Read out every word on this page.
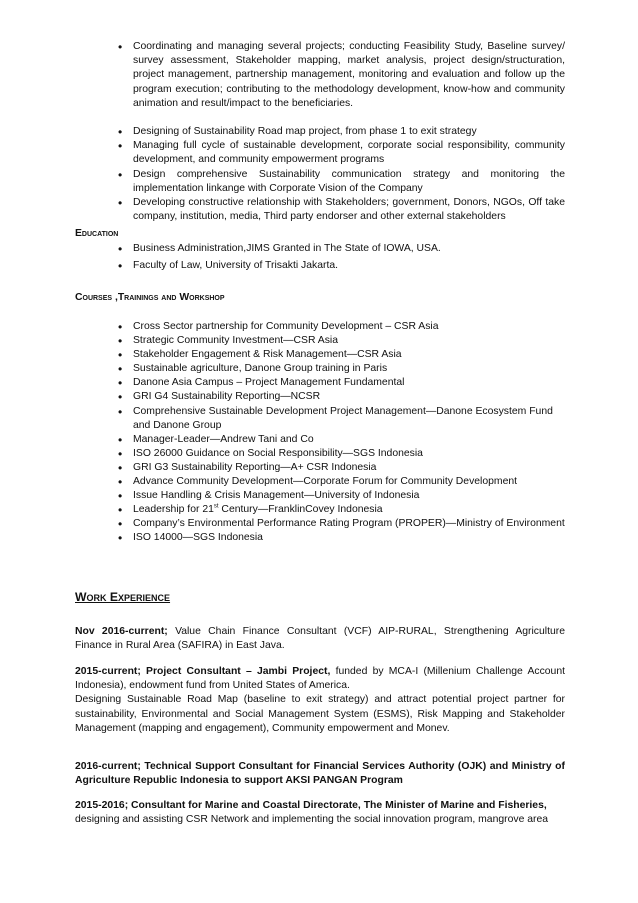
• Coordinating and managing several projects; conducting Feasibility Study, Baseline survey/ survey assessment, Stakeholder mapping, market analysis, project design/structuration, project management, partnership management, monitoring and evaluation and follow up the program execution; contributing to the methodology development, know-how and community animation and result/impact to the beneficiaries.
• Designing of Sustainability Road map project, from phase 1 to exit strategy
• Managing full cycle of sustainable development, corporate social responsibility, community development, and community empowerment programs
• Design comprehensive Sustainability communication strategy and monitoring the implementation linkange with Corporate Vision of the Company
• Developing constructive relationship with Stakeholders; government, Donors, NGOs, Off take company, institution, media, Third party endorser and other external stakeholders
Education
• Business Administration,JIMS Granted in The State of IOWA, USA.
• Faculty of Law, University of Trisakti Jakarta.
Courses ,Trainings and Workshop
• Cross Sector partnership for Community Development – CSR Asia
• Strategic Community Investment—CSR Asia
• Stakeholder Engagement & Risk Management—CSR Asia
• Sustainable agriculture, Danone Group training in Paris
• Danone Asia Campus – Project Management Fundamental
• GRI G4 Sustainability Reporting—NCSR
• Comprehensive Sustainable Development Project Management—Danone Ecosystem Fund and Danone Group
• Manager-Leader—Andrew Tani and Co
• ISO 26000 Guidance on Social Responsibility—SGS Indonesia
• GRI G3 Sustainability Reporting—A+ CSR Indonesia
• Advance Community Development—Corporate Forum for Community Development
• Issue Handling & Crisis Management—University of Indonesia
• Leadership for 21st Century—FranklinCovey Indonesia
• Company’s Environmental Performance Rating Program (PROPER)—Ministry of Environment
• ISO 14000—SGS Indonesia
Work Experience
Nov 2016-current; Value Chain Finance Consultant (VCF) AIP-RURAL, Strengthening Agriculture Finance in Rural Area (SAFIRA) in East Java.
2015-current; Project Consultant – Jambi Project, funded by MCA-I (Millenium Challenge Account Indonesia), endowment fund from United States of America.
Designing Sustainable Road Map (baseline to exit strategy) and attract potential project partner for sustainability, Environmental and Social Management System (ESMS), Risk Mapping and Stakeholder Management (mapping and engagement), Community empowerment and Monev.
2016-current; Technical Support Consultant for Financial Services Authority (OJK) and Ministry of Agriculture Republic Indonesia to support AKSI PANGAN Program
2015-2016; Consultant for Marine and Coastal Directorate, The Minister of Marine and Fisheries,
designing and assisting CSR Network and implementing the social innovation program, mangrove area
